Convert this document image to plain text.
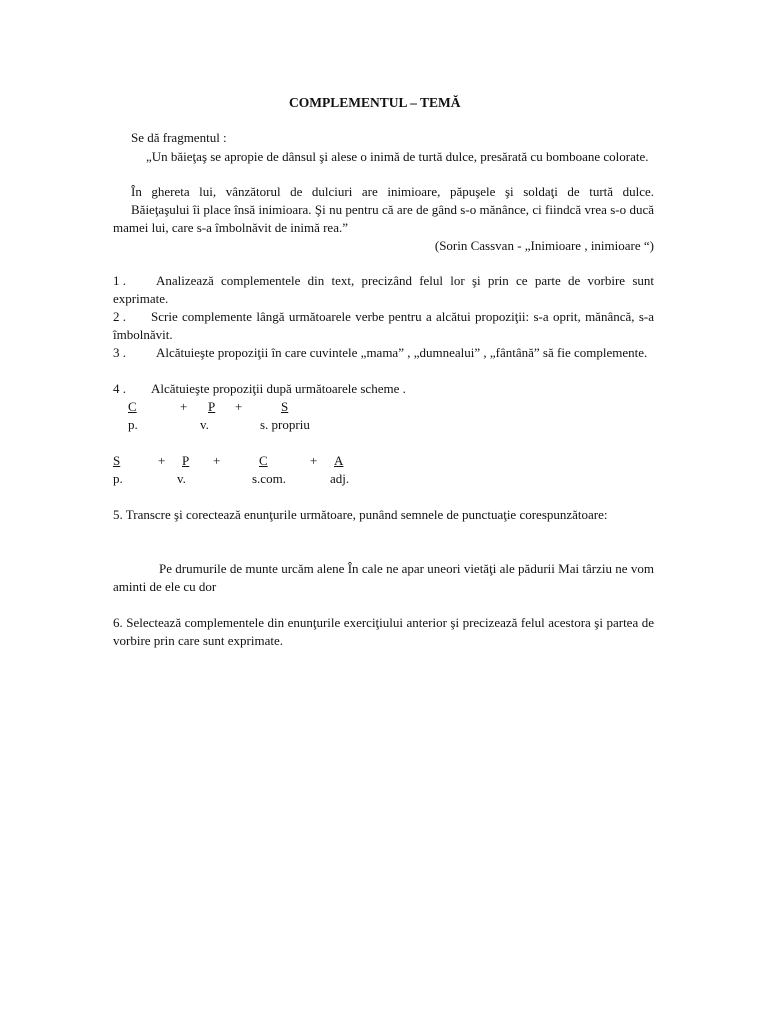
COMPLEMENTUL – TEMĂ
Se dă fragmentul :
„Un băieţaş se apropie de dânsul şi alese o inimă de turtă dulce, presărată cu bomboane colorate.
În ghereta lui, vânzătorul de dulciuri are inimioare, păpuşele şi soldaţi de turtă dulce.
Băieţaşului îi place însă inimioara. Şi nu pentru că are de gând s-o mănânce, ci fiindcă vrea s-o ducă mamei lui, care s-a îmbolnăvit de inimă rea.”
(Sorin Cassvan - „Inimioare , inimioare “)
1 .	Analizează complementele din text, precizând felul lor şi prin ce parte de vorbire sunt exprimate.
2 .	Scrie complemente lângă următoarele verbe pentru a alcătui propoziţii: s-a oprit, mănâncă, s-a îmbolnăvit.
3 .	Alcătuieşte propoziţii în care cuvintele „mama” , „dumnealui” , „fântână” să fie complemente.
4 . Alcătuieşte propoziţii după următoarele scheme .
C	+ P +	S
p.	v.	s. propriu
S	+ P +	C	+ A
p.	v.	s.com.	adj.
5. Transcre şi corectează enunţurile următoare, punând semnele de punctuaţie corespunzătoare:
Pe drumurile de munte urcăm alene În cale ne apar uneori vietăţi ale pădurii Mai târziu ne vom aminti de ele cu dor
6. Selectează complementele din enunţurile exerciţiului anterior şi precizează felul acestora şi partea de vorbire prin care sunt exprimate.
